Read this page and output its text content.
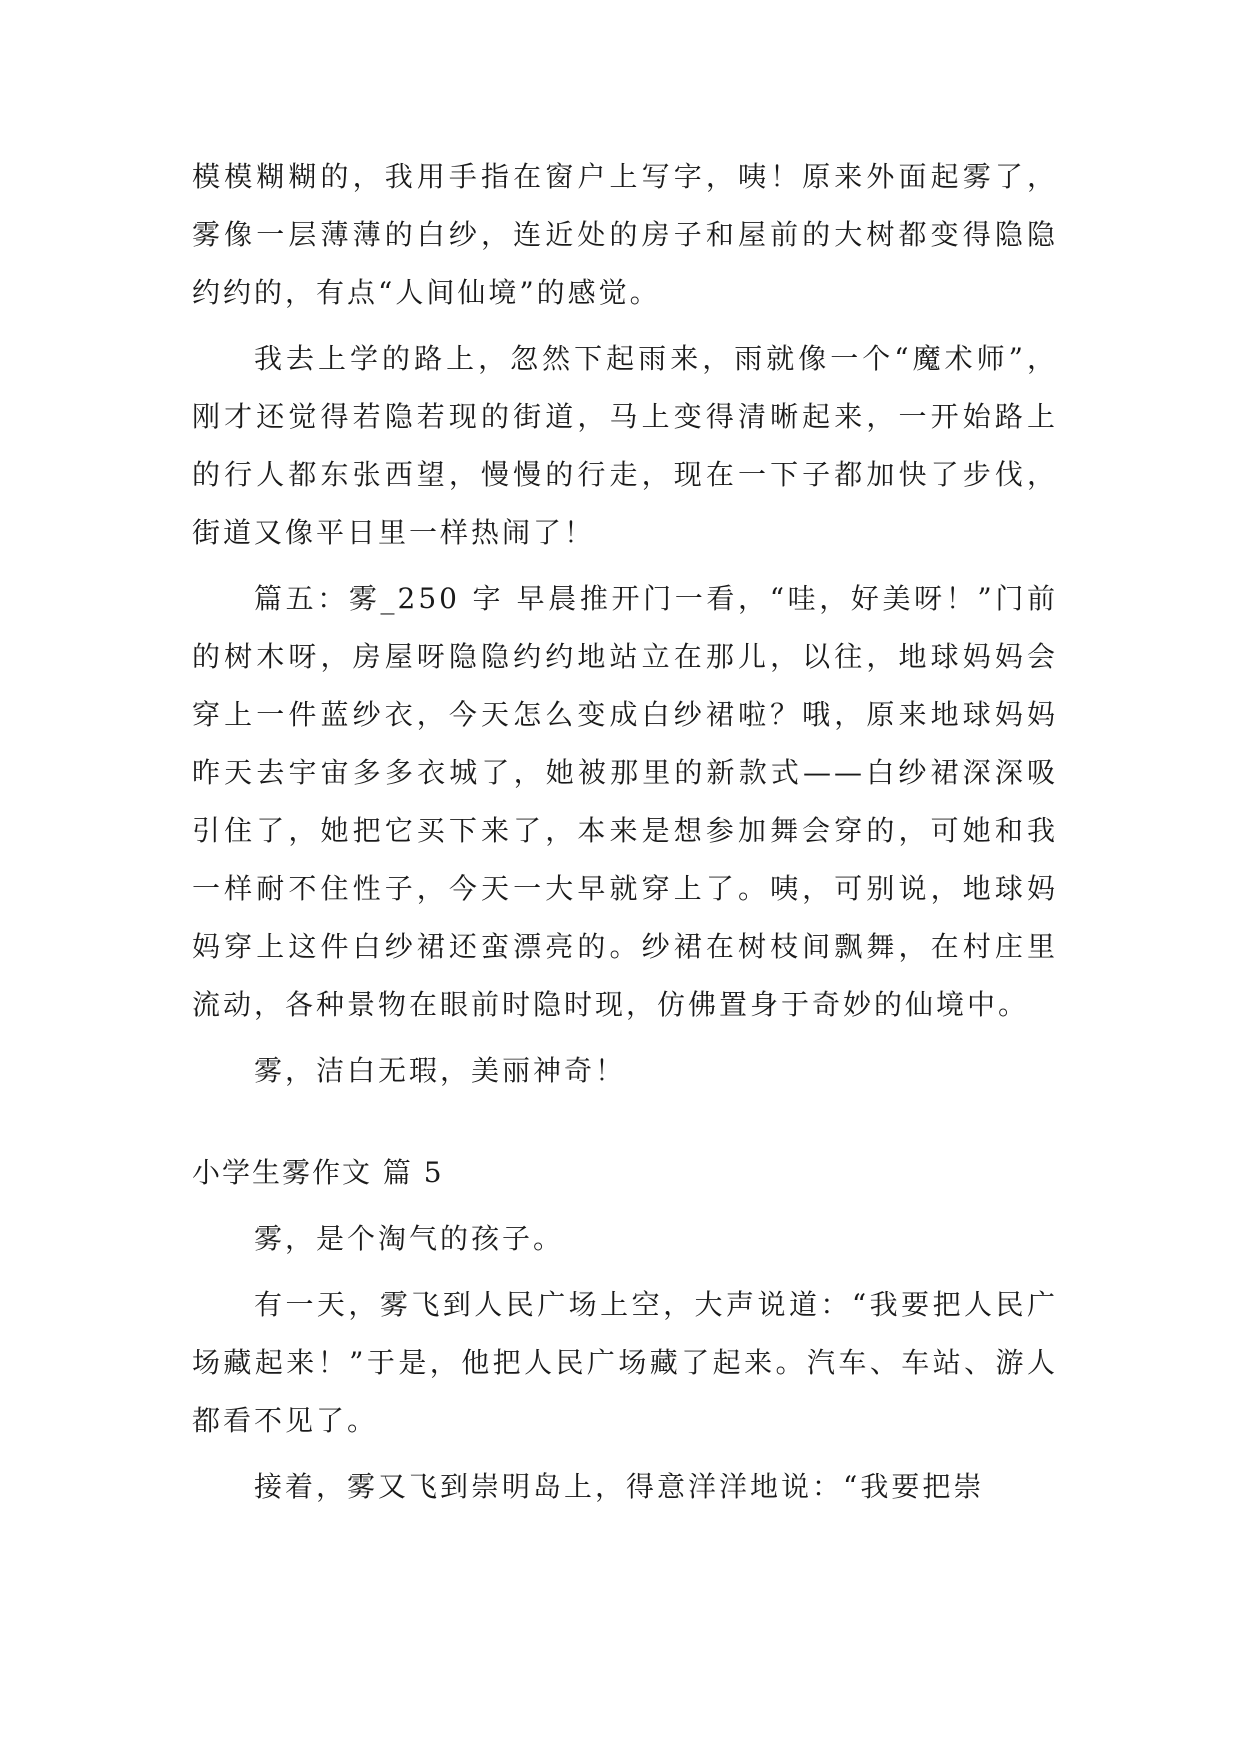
模模糊糊的，我用手指在窗户上写字，咦！原来外面起雾了，雾像一层薄薄的白纱，连近处的房子和屋前的大树都变得隐隐约约的，有点“人间仙境”的感觉。

我去上学的路上，忽然下起雨来，雨就像一个“魔术师”，刚才还觉得若隐若现的街道，马上变得清晰起来，一开始路上的行人都东张西望，慢慢的行走，现在一下子都加快了步伐，街道又像平日里一样热闹了！

篇五：雾_250 字 早晨推开门一看，“哇，好美呀！”门前的树木呀，房屋呀隐隐约约地站立在那儿，以往，地球妈妈会穿上一件蓝纱衣，今天怎么变成白纱裙啦？哦，原来地球妈妈昨天去宇宙多多衣城了，她被那里的新款式——白纱裙深深吸引住了，她把它买下来了，本来是想参加舞会穿的，可她和我一样耐不住性子，今天一大早就穿上了。咦，可别说，地球妈妈穿上这件白纱裙还蛮漂亮的。纱裙在树枝间飘舞，在村庄里流动，各种景物在眼前时隐时现，仿佛置身于奇妙的仙境中。

雾，洁白无瑕，美丽神奇！

小学生雾作文 篇 5

雾，是个淘气的孩子。

有一天，雾飞到人民广场上空，大声说道：“我要把人民广场藏起来！”于是，他把人民广场藏了起来。汽车、车站、游人都看不见了。

接着，雾又飞到崇明岛上，得意洋洋地说：“我要把崇
